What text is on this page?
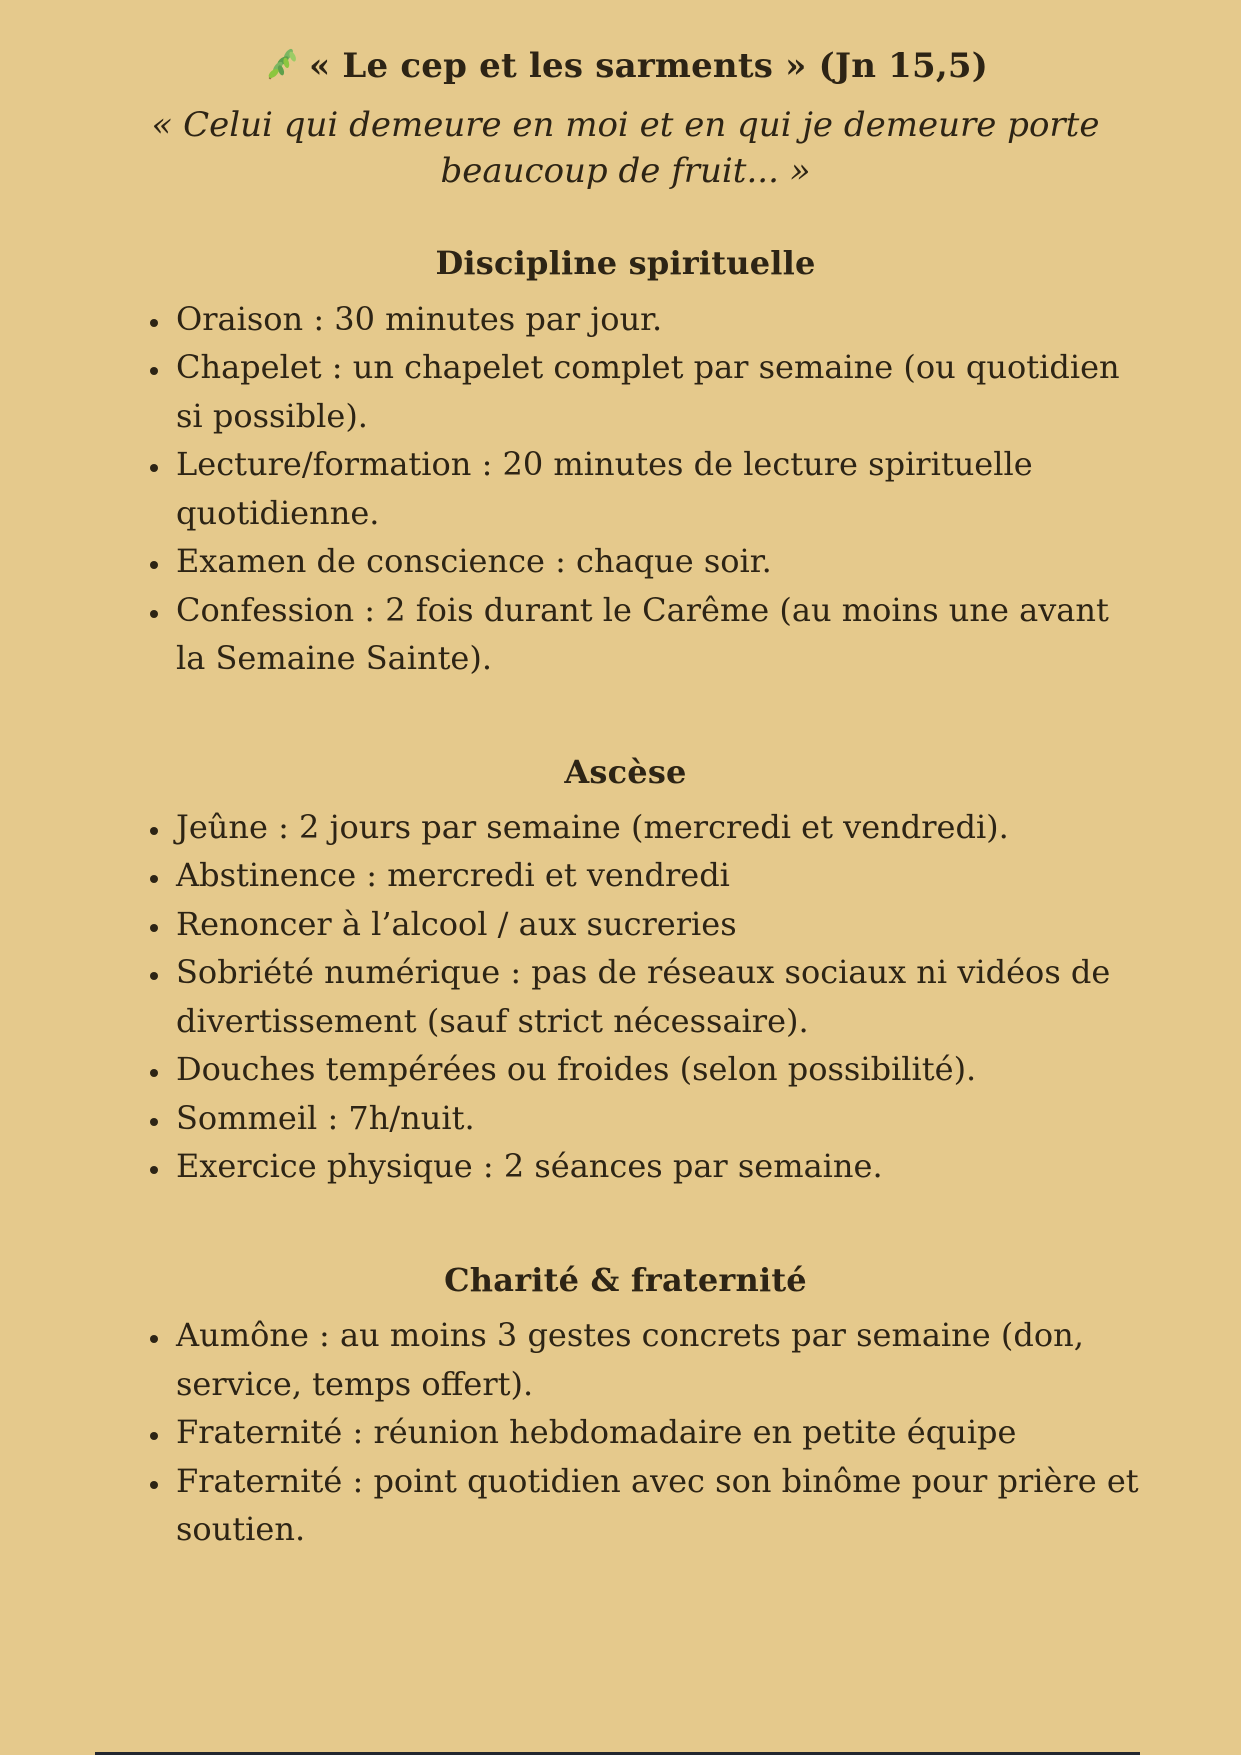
« Le cep et les sarments » (Jn 15,5)

« Celui qui demeure en moi et en qui je demeure porte beaucoup de fruit... »

Discipline spirituelle
• Oraison : 30 minutes par jour.
• Chapelet : un chapelet complet par semaine (ou quotidien si possible).
• Lecture/formation : 20 minutes de lecture spirituelle quotidienne.
• Examen de conscience : chaque soir.
• Confession : 2 fois durant le Carême (au moins une avant la Semaine Sainte).
Ascèse
• Jeûne : 2 jours par semaine (mercredi et vendredi).
• Abstinence : mercredi et vendredi
• Renoncer à l’alcool / aux sucreries
• Sobriété numérique : pas de réseaux sociaux ni vidéos de divertissement (sauf strict nécessaire).
• Douches tempérées ou froides (selon possibilité).
• Sommeil : 7h/nuit.
• Exercice physique : 2 séances par semaine.
Charité & fraternité
• Aumône : au moins 3 gestes concrets par semaine (don, service, temps offert).
• Fraternité : réunion hebdomadaire en petite équipe
• Fraternité : point quotidien avec son binôme pour prière et soutien.
